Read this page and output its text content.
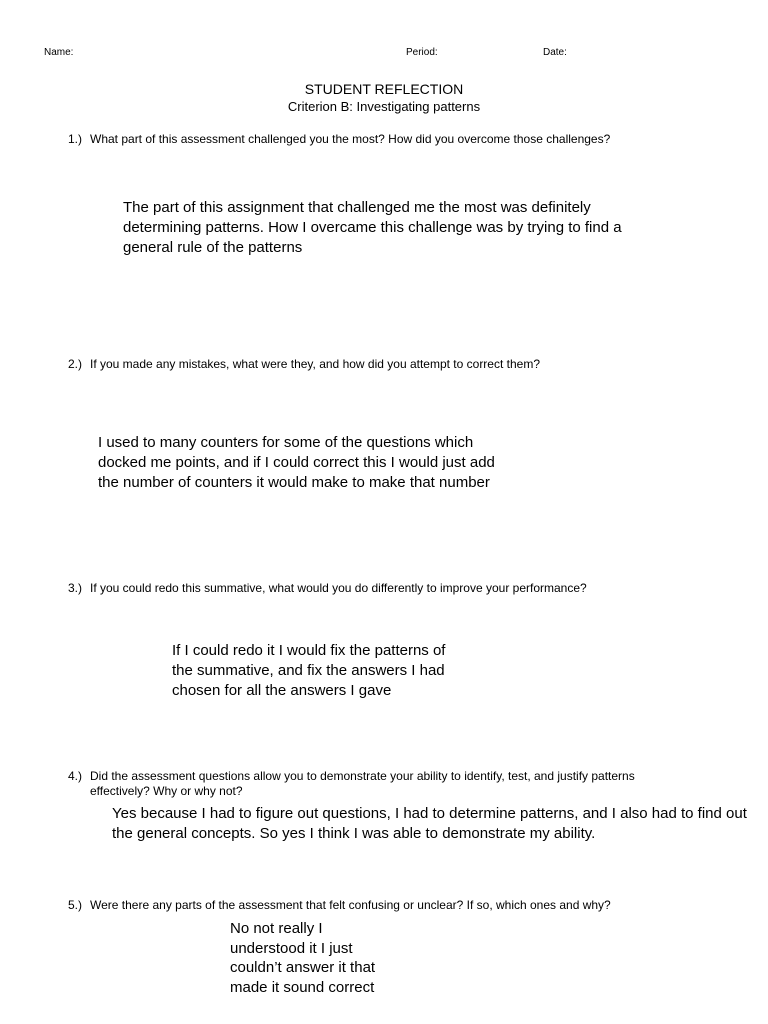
Name:	Period:	Date:
STUDENT REFLECTION
Criterion B: Investigating patterns
1.) What part of this assessment challenged you the most? How did you overcome those challenges?
The part of this assignment that challenged me the most was definitely
determining patterns. How I overcame this challenge was by trying to find a
general rule of the patterns
2.) If you made any mistakes, what were they, and how did you attempt to correct them?
I used to many counters for some of the questions which
docked me points, and if I could correct this I would just add
the number of counters it would make to make that number
3.) If you could redo this summative, what would you do differently to improve your performance?
If I could redo it I would fix the patterns of
the summative, and fix the answers I had
chosen for all the answers I gave
4.) Did the assessment questions allow you to demonstrate your ability to identify, test, and justify patterns
effectively? Why or why not?
Yes because I had to figure out questions, I had to determine patterns, and I also had to find out
the general concepts. So yes I think I was able to demonstrate my ability.
5.) Were there any parts of the assessment that felt confusing or unclear? If so, which ones and why?
No not really I
understood it I just
couldn’t answer it that
made it sound correct
